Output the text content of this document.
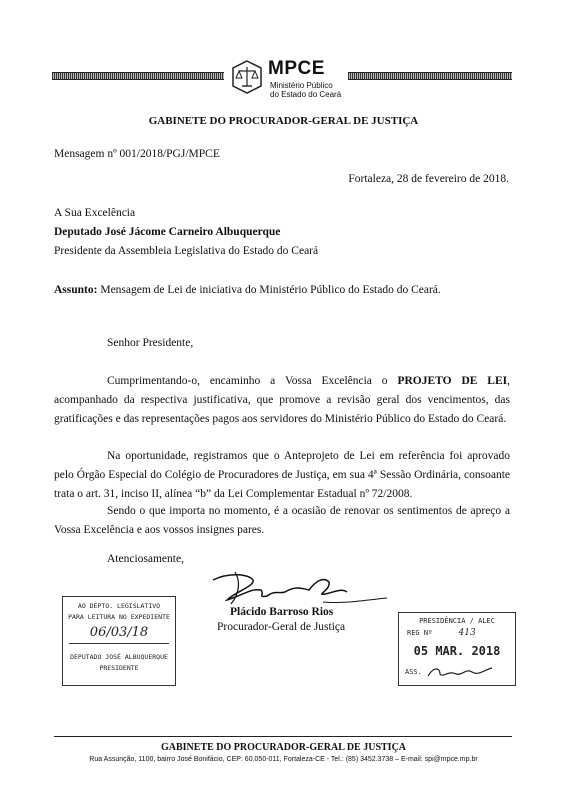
MPCE
Ministério Público
do Estado do Ceará
GABINETE DO PROCURADOR-GERAL DE JUSTIÇA
Mensagem nº 001/2018/PGJ/MPCE
Fortaleza, 28 de fevereiro de 2018.
A Sua Excelência
Deputado José Jácome Carneiro Albuquerque
Presidente da Assembleia Legislativa do Estado do Ceará
Assunto: Mensagem de Lei de iniciativa do Ministério Público do Estado do Ceará.
Senhor Presidente,
Cumprimentando-o, encaminho a Vossa Excelência o PROJETO DE LEI, acompanhado da respectiva justificativa, que promove a revisão geral dos vencimentos, das gratificações e das representações pagos aos servidores do Ministério Público do Estado do Ceará.
Na oportunidade, registramos que o Anteprojeto de Lei em referência foi aprovado pelo Órgão Especial do Colégio de Procuradores de Justiça, em sua 4ª Sessão Ordinária, consoante trata o art. 31, inciso II, alínea “b” da Lei Complementar Estadual nº 72/2008.
Sendo o que importa no momento, é a ocasião de renovar os sentimentos de apreço a Vossa Excelência e aos vossos insignes pares.
Atenciosamente,
Plácido Barroso Rios
Procurador-Geral de Justiça
AO DEPTO. LEGISLATIVO
PARA LEITURA NO EXPEDIENTE
06/03/18
DEPUTADO JOSÉ ALBUQUERQUE
PRESIDENTE
PRESIDÊNCIA / ALEC
REG Nº	413
05 MAR. 2018
ASS.
GABINETE DO PROCURADOR-GERAL DE JUSTIÇA
Rua Assunção, 1100, bairro José Bonifácio, CEP: 60.050-011, Fortaleza-CE - Tel.: (85) 3452.3738 – E-mail: spi@mpce.mp.br
